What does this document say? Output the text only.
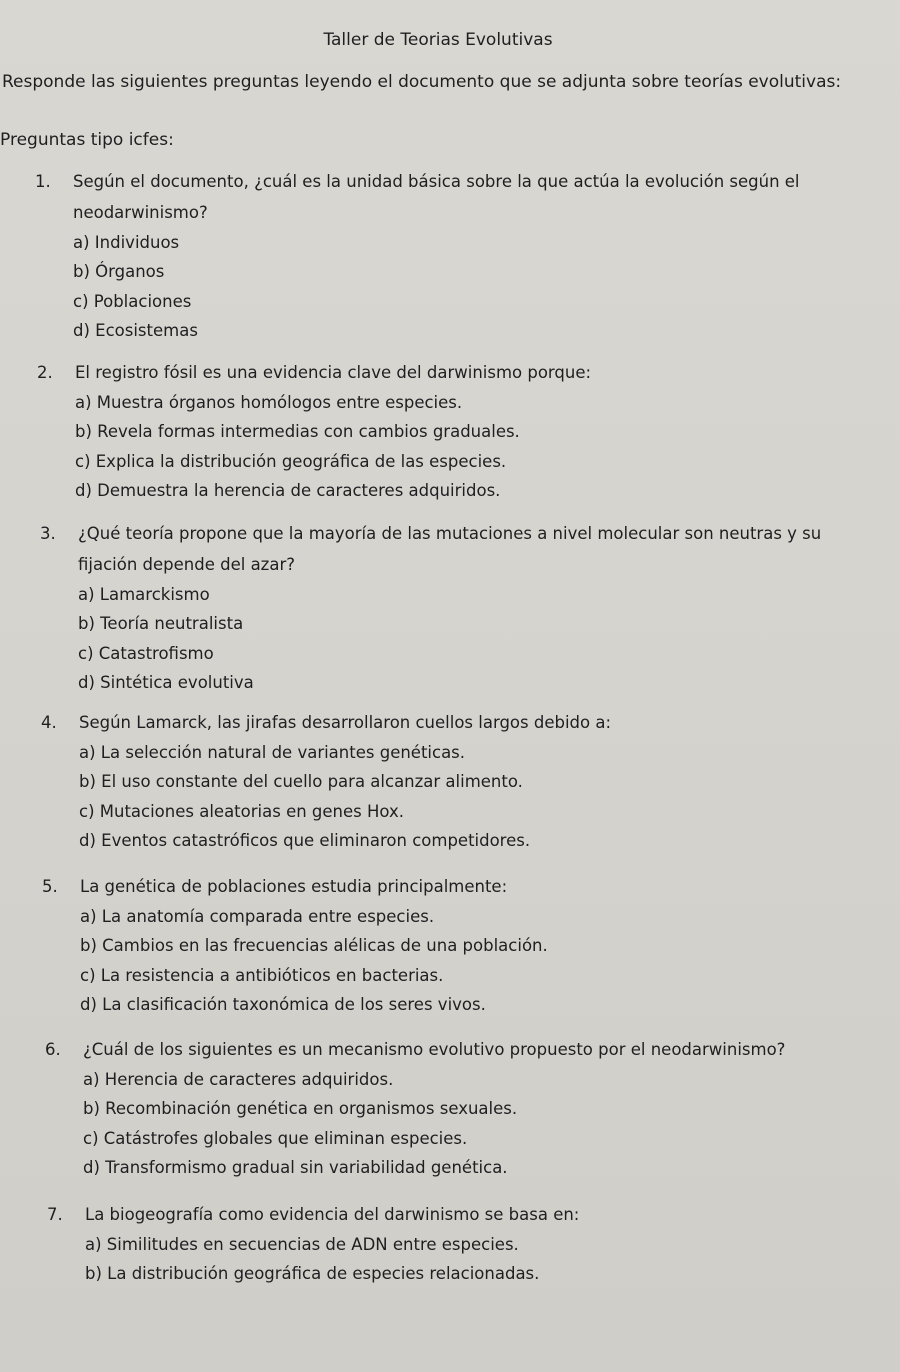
Taller de Teorias Evolutivas
Responde las siguientes preguntas leyendo el documento que se adjunta sobre teorías evolutivas:
Preguntas tipo icfes:
1.	Según el documento, ¿cuál es la unidad básica sobre la que actúa la evolución según el
neodarwinismo?
a) Individuos
b) Órganos
c) Poblaciones
d) Ecosistemas
2.	El registro fósil es una evidencia clave del darwinismo porque:
a) Muestra órganos homólogos entre especies.
b) Revela formas intermedias con cambios graduales.
c) Explica la distribución geográfica de las especies.
d) Demuestra la herencia de caracteres adquiridos.
3.	¿Qué teoría propone que la mayoría de las mutaciones a nivel molecular son neutras y su
fijación depende del azar?
a) Lamarckismo
b) Teoría neutralista
c) Catastrofismo
d) Sintética evolutiva
4.	Según Lamarck, las jirafas desarrollaron cuellos largos debido a:
a) La selección natural de variantes genéticas.
b) El uso constante del cuello para alcanzar alimento.
c) Mutaciones aleatorias en genes Hox.
d) Eventos catastróficos que eliminaron competidores.
5.	La genética de poblaciones estudia principalmente:
a) La anatomía comparada entre especies.
b) Cambios en las frecuencias alélicas de una población.
c) La resistencia a antibióticos en bacterias.
d) La clasificación taxonómica de los seres vivos.
6.	¿Cuál de los siguientes es un mecanismo evolutivo propuesto por el neodarwinismo?
a) Herencia de caracteres adquiridos.
b) Recombinación genética en organismos sexuales.
c) Catástrofes globales que eliminan especies.
d) Transformismo gradual sin variabilidad genética.
7.	La biogeografía como evidencia del darwinismo se basa en:
a) Similitudes en secuencias de ADN entre especies.
b) La distribución geográfica de especies relacionadas.
